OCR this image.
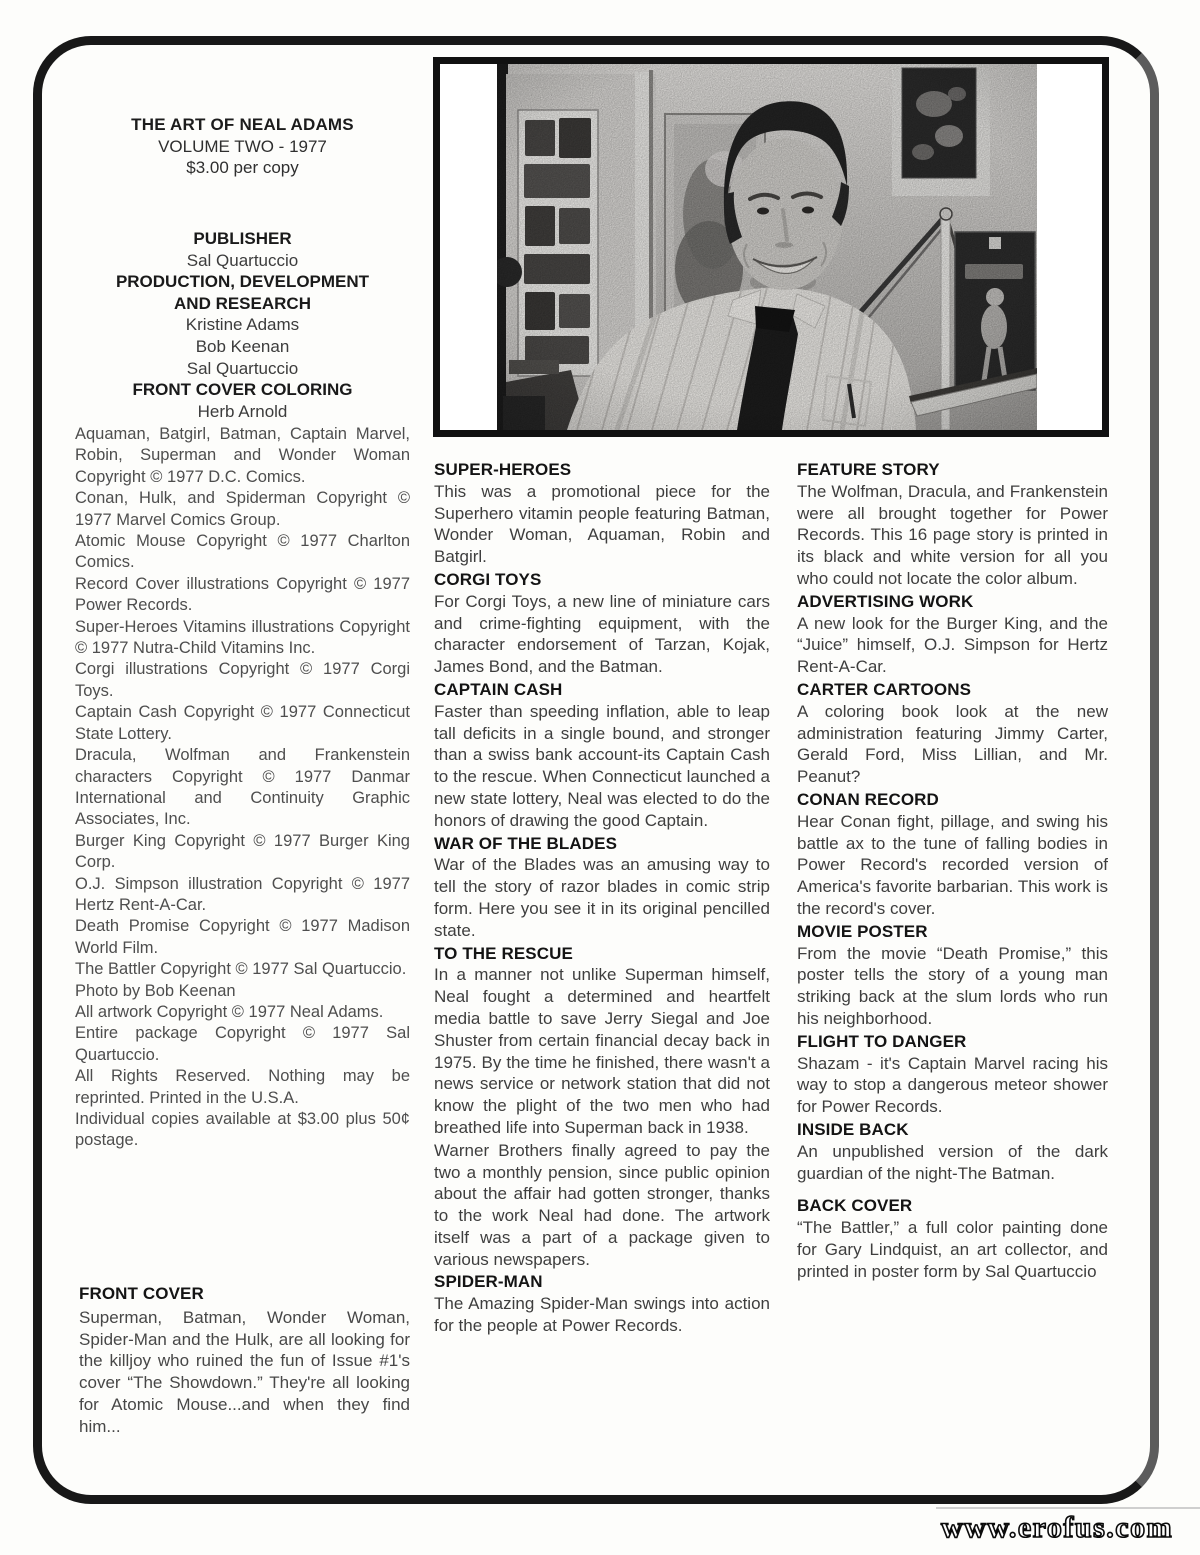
THE ART OF NEAL ADAMS
VOLUME TWO - 1977
$3.00 per copy
PUBLISHER
Sal Quartuccio
PRODUCTION, DEVELOPMENT
AND RESEARCH
Kristine Adams
Bob Keenan
Sal Quartuccio
FRONT COVER COLORING
Herb Arnold

Aquaman, Batgirl, Batman, Captain Marvel, Robin, Superman and Wonder Woman Copyright © 1977 D.C. Comics.

Conan, Hulk, and Spiderman Copyright © 1977 Marvel Comics Group.

Atomic Mouse Copyright © 1977 Charlton Comics.

Record Cover illustrations Copyright © 1977 Power Records.

Super-Heroes Vitamins illustrations Copyright © 1977 Nutra-Child Vitamins Inc.

Corgi illustrations Copyright © 1977 Corgi Toys.

Captain Cash Copyright © 1977 Connecticut State Lottery.

Dracula, Wolfman and Frankenstein characters Copyright © 1977 Danmar International and Continuity Graphic Associates, Inc.

Burger King Copyright © 1977 Burger King Corp.

O.J. Simpson illustration Copyright © 1977 Hertz Rent-A-Car.

Death Promise Copyright © 1977 Madison World Film.

The Battler Copyright © 1977 Sal Quartuccio.

Photo by Bob Keenan

All artwork Copyright © 1977 Neal Adams.

Entire package Copyright © 1977 Sal Quartuccio.

All Rights Reserved. Nothing may be reprinted. Printed in the U.S.A.

Individual copies available at $3.00 plus 50¢ postage.

FRONT COVER

Superman, Batman, Wonder Woman, Spider-Man and the Hulk, are all looking for the killjoy who ruined the fun of Issue #1's cover “The Showdown.” They're all looking for Atomic Mouse...and when they find him...

SUPER-HEROES

This was a promotional piece for the Superhero vitamin people featuring Batman, Wonder Woman, Aquaman, Robin and Batgirl.

CORGI TOYS

For Corgi Toys, a new line of miniature cars and crime-fighting equipment, with the character endorsement of Tarzan, Kojak, James Bond, and the Batman.

CAPTAIN CASH

Faster than speeding inflation, able to leap tall deficits in a single bound, and stronger than a swiss bank account-its Captain Cash to the rescue. When Connecticut launched a new state lottery, Neal was elected to do the honors of drawing the good Captain.

WAR OF THE BLADES

War of the Blades was an amusing way to tell the story of razor blades in comic strip form. Here you see it in its original pencilled state.

TO THE RESCUE

In a manner not unlike Superman himself, Neal fought a determined and heartfelt media battle to save Jerry Siegal and Joe Shuster from certain financial decay back in 1975. By the time he finished, there wasn't a news service or network station that did not know the plight of the two men who had breathed life into Superman back in 1938.

Warner Brothers finally agreed to pay the two a monthly pension, since public opinion about the affair had gotten stronger, thanks to the work Neal had done. The artwork itself was a part of a package given to various newspapers.

SPIDER-MAN

The Amazing Spider-Man swings into action for the people at Power Records.

FEATURE STORY

The Wolfman, Dracula, and Frankenstein were all brought together for Power Records. This 16 page story is printed in its black and white version for all you who could not locate the color album.

ADVERTISING WORK

A new look for the Burger King, and the “Juice” himself, O.J. Simpson for Hertz Rent-A-Car.

CARTER CARTOONS

A coloring book look at the new administration featuring Jimmy Carter, Gerald Ford, Miss Lillian, and Mr. Peanut?

CONAN RECORD

Hear Conan fight, pillage, and swing his battle ax to the tune of falling bodies in Power Record's recorded version of America's favorite barbarian. This work is the record's cover.

MOVIE POSTER

From the movie “Death Promise,” this poster tells the story of a young man striking back at the slum lords who run his neighborhood.

FLIGHT TO DANGER

Shazam - it's Captain Marvel racing his way to stop a dangerous meteor shower for Power Records.

INSIDE BACK

An unpublished version of the dark guardian of the night-The Batman.

BACK COVER

“The Battler,” a full color painting done for Gary Lindquist, an art collector, and printed in poster form by Sal Quartuccio

www.erofus.com
